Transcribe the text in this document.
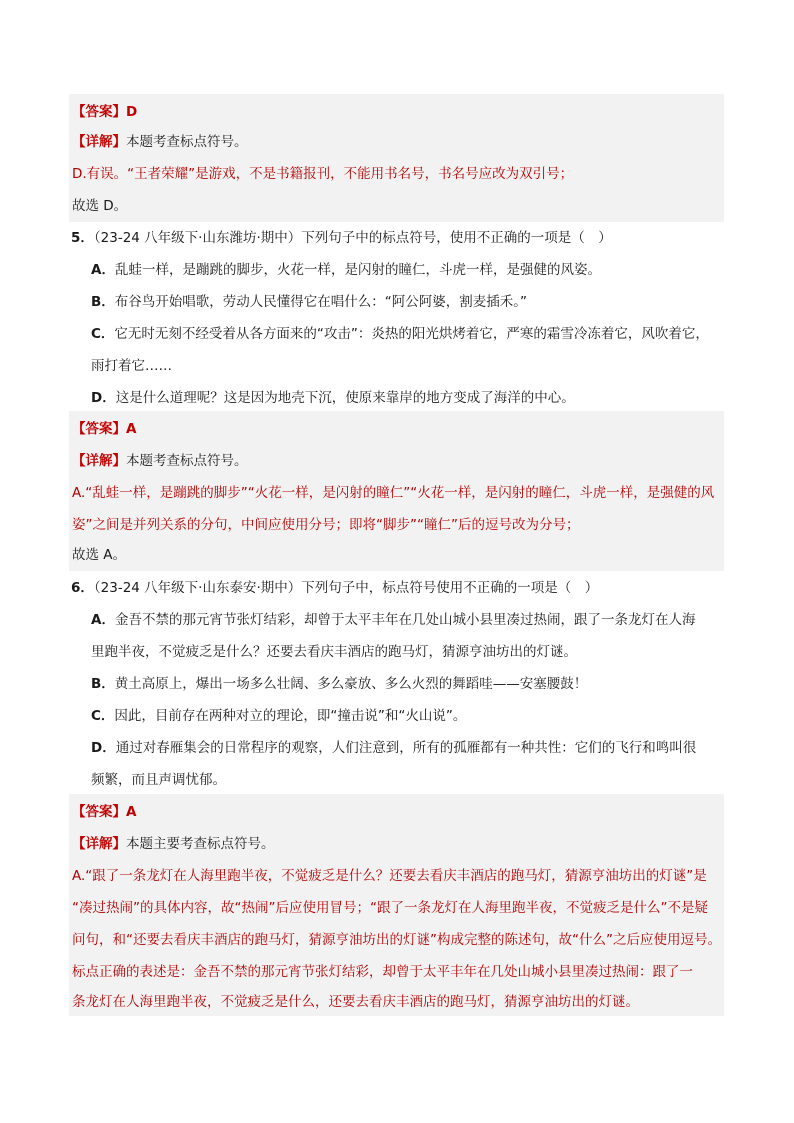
【答案】D
【详解】本题考查标点符号。
D.有误。“王者荣耀”是游戏，不是书籍报刊，不能用书名号，书名号应改为双引号；
故选 D。
5．（23-24 八年级下·山东潍坊·期中）下列句子中的标点符号，使用不正确的一项是（　）
A．乱蛙一样，是蹦跳的脚步，火花一样，是闪射的瞳仁，斗虎一样，是强健的风姿。
B．布谷鸟开始唱歌，劳动人民懂得它在唱什么：“阿公阿婆，割麦插禾。”
C．它无时无刻不经受着从各方面来的“攻击”：炎热的阳光烘烤着它，严寒的霜雪冷冻着它，风吹着它，
雨打着它……
D．这是什么道理呢？这是因为地壳下沉，使原来靠岸的地方变成了海洋的中心。
【答案】A
【详解】本题考查标点符号。
A.“乱蛙一样，是蹦跳的脚步”“火花一样，是闪射的瞳仁”“火花一样，是闪射的瞳仁，斗虎一样，是强健的风
姿”之间是并列关系的分句，中间应使用分号；即将“脚步”“瞳仁”后的逗号改为分号；
故选 A。
6．（23-24 八年级下·山东泰安·期中）下列句子中，标点符号使用不正确的一项是（　）
A．金吾不禁的那元宵节张灯结彩，却曾于太平丰年在几处山城小县里凑过热闹，跟了一条龙灯在人海
里跑半夜，不觉疲乏是什么？还要去看庆丰酒店的跑马灯，猜源亨油坊出的灯谜。
B．黄土高原上，爆出一场多么壮阔、多么豪放、多么火烈的舞蹈哇——安塞腰鼓！
C．因此，目前存在两种对立的理论，即“撞击说”和“火山说”。
D．通过对春雁集会的日常程序的观察，人们注意到，所有的孤雁都有一种共性：它们的飞行和鸣叫很
频繁，而且声调忧郁。
【答案】A
【详解】本题主要考查标点符号。
A.“跟了一条龙灯在人海里跑半夜，不觉疲乏是什么？还要去看庆丰酒店的跑马灯，猜源亨油坊出的灯谜”是
“凑过热闹”的具体内容，故“热闹”后应使用冒号；“跟了一条龙灯在人海里跑半夜，不觉疲乏是什么”不是疑
问句，和“还要去看庆丰酒店的跑马灯，猜源亨油坊出的灯谜”构成完整的陈述句，故“什么”之后应使用逗号。
标点正确的表述是：金吾不禁的那元宵节张灯结彩，却曾于太平丰年在几处山城小县里凑过热闹：跟了一
条龙灯在人海里跑半夜，不觉疲乏是什么，还要去看庆丰酒店的跑马灯，猜源亨油坊出的灯谜。
